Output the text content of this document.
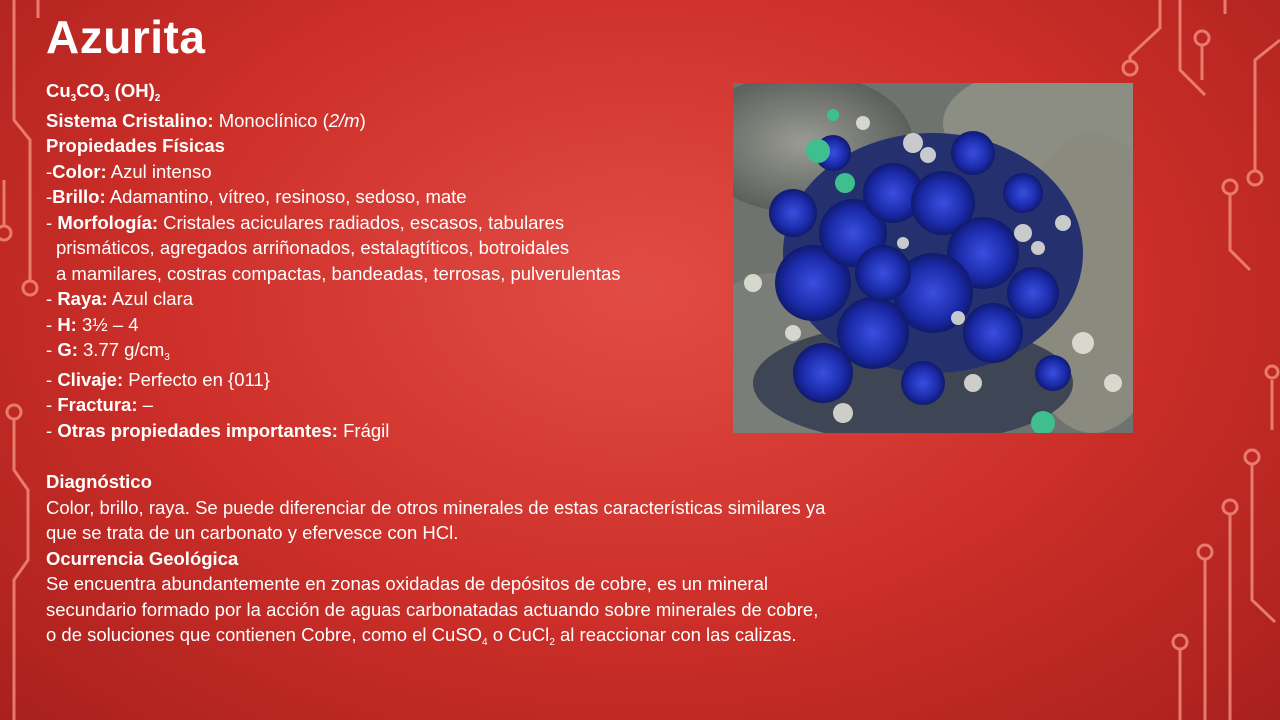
Azurita
$Cu_3CO_3$ $(OH)_2$
Sistema Cristalino: Monoclínico (2/m)
Propiedades Físicas
-Color: Azul intenso
-Brillo: Adamantino, vítreo, resinoso, sedoso, mate
- Morfología: Cristales aciculares radiados, escasos, tabulares
prismáticos, agregados arriñonados, estalagtíticos, botroidales
a mamilares, costras compactas, bandeadas, terrosas, pulverulentas
- Raya: Azul clara
- H: 3½ – 4
- G: 3.77 $g/cm_3$
- Clivaje: Perfecto en {011}
- Fractura: –
- Otras propiedades importantes: Frágil
Diagnóstico
Color, brillo, raya. Se puede diferenciar de otros minerales de estas características similares ya
que se trata de un carbonato y efervesce con HCl.
Ocurrencia Geológica
Se encuentra abundantemente en zonas oxidadas de depósitos de cobre, es un mineral
secundario formado por la acción de aguas carbonatadas actuando sobre minerales de cobre,
o de soluciones que contienen Cobre, como el CuSO$_4$ o CuCl$_2$ al reaccionar con las calizas.
